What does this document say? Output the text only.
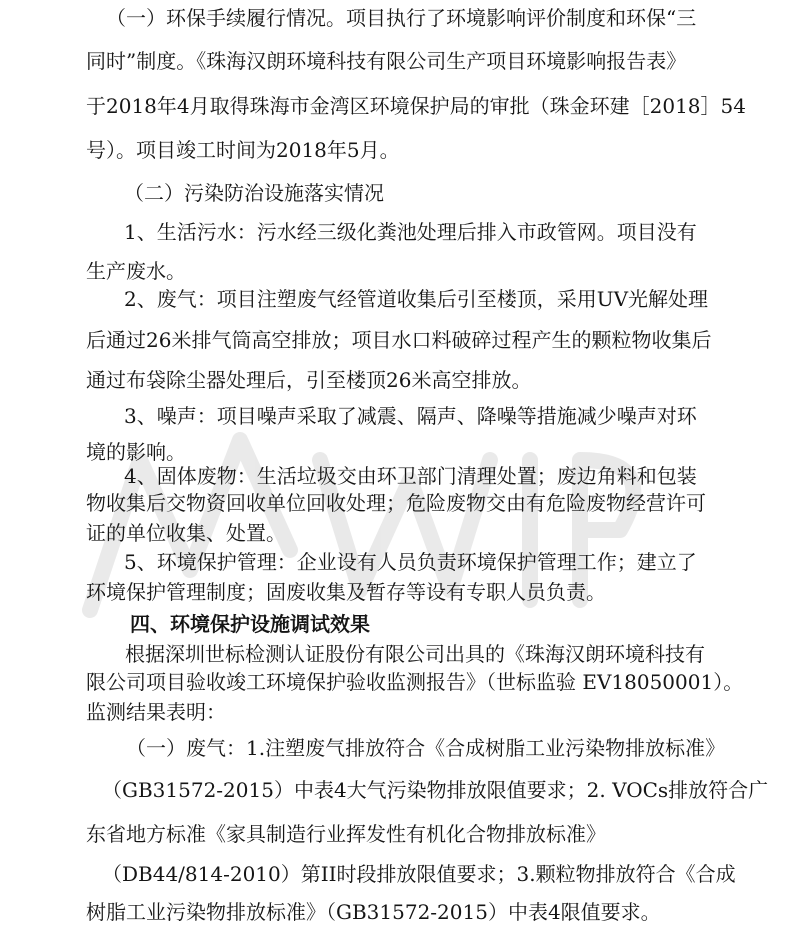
（一）环保手续履行情况。项目执行了环境影响评价制度和环保“三
同时”制度。《珠海汉朗环境科技有限公司生产项目环境影响报告表》
于2018年4月取得珠海市金湾区环境保护局的审批（珠金环建［2018］54
号）。项目竣工时间为2018年5月。
（二）污染防治设施落实情况
1、生活污水：污水经三级化粪池处理后排入市政管网。项目没有
生产废水。
2、废气：项目注塑废气经管道收集后引至楼顶，采用UV光解处理
后通过26米排气筒高空排放；项目水口料破碎过程产生的颗粒物收集后
通过布袋除尘器处理后，引至楼顶26米高空排放。
3、噪声：项目噪声采取了减震、隔声、降噪等措施减少噪声对环
境的影响。
4、固体废物：生活垃圾交由环卫部门清理处置；废边角料和包装
物收集后交物资回收单位回收处理；危险废物交由有危险废物经营许可
证的单位收集、处置。
5、环境保护管理：企业设有人员负责环境保护管理工作；建立了
环境保护管理制度；固废收集及暂存等设有专职人员负责。
四、环境保护设施调试效果
根据深圳世标检测认证股份有限公司出具的《珠海汉朗环境科技有
限公司项目验收竣工环境保护验收监测报告》（世标监验 EV18050001）。
监测结果表明：
（一）废气：1.注塑废气排放符合《合成树脂工业污染物排放标准》
（GB31572-2015）中表4大气污染物排放限值要求；2. VOCs排放符合广
东省地方标准《家具制造行业挥发性有机化合物排放标准》
（DB44/814-2010）第II时段排放限值要求；3.颗粒物排放符合《合成
树脂工业污染物排放标准》（GB31572-2015）中表4限值要求。
